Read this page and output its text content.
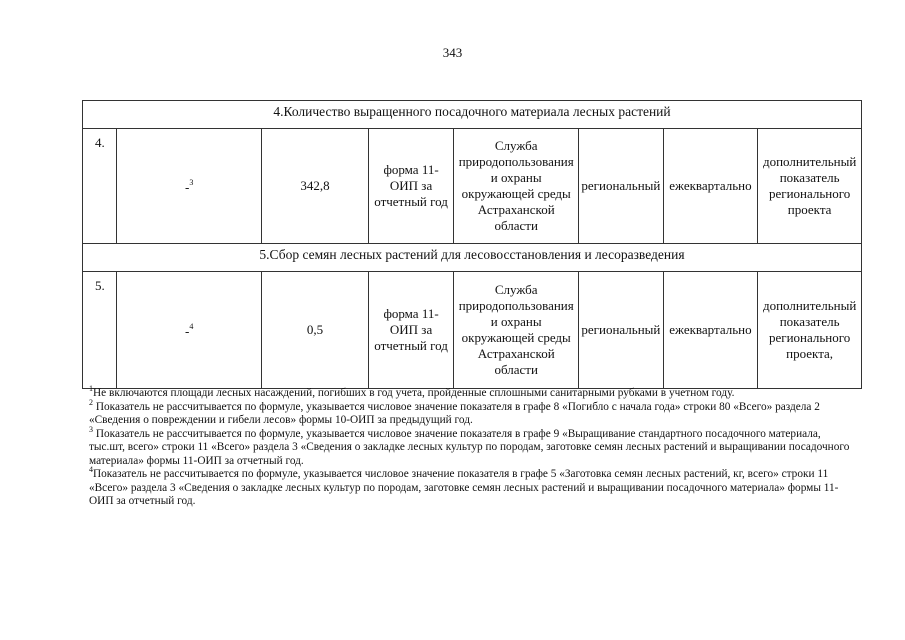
343
4.Количество выращенного посадочного материала лесных растений							
4.	-$^3$	342,8	форма 11-ОИП за отчетный год	Служба природопользования и охраны окружающей среды Астраханской области	региональный	ежеквартально	дополнительный показатель регионального проекта
5.Сбор семян лесных растений для лесовосстановления и лесоразведения							
5.	-$^4$	0,5	форма 11-ОИП за отчетный год	Служба природопользования и охраны окружающей среды Астраханской области	региональный	ежеквартально	дополнительный показатель регионального проекта,

$^1$Не включаются площади лесных насаждений, погибших в год учета, пройденные сплошными санитарными рубками в учетном году.

$^2$ Показатель не рассчитывается по формуле, указывается числовое значение показателя в графе 8 «Погибло с начала года» строки 80 «Всего» раздела 2 «Сведения о повреждении и гибели лесов» формы 10-ОИП за предыдущий год.

$^3$ Показатель не рассчитывается по формуле, указывается числовое значение показателя в графе 9 «Выращивание стандартного посадочного материала, тыс.шт, всего» строки 11 «Всего» раздела 3 «Сведения о закладке лесных культур по породам, заготовке семян лесных растений и выращивании посадочного материала» формы 11-ОИП за отчетный год.

$^4$Показатель не рассчитывается по формуле, указывается числовое значение показателя в графе 5 «Заготовка семян лесных растений, кг, всего» строки 11 «Всего» раздела 3 «Сведения о закладке лесных культур по породам, заготовке семян лесных растений и выращивании посадочного материала» формы 11-ОИП за отчетный год.
